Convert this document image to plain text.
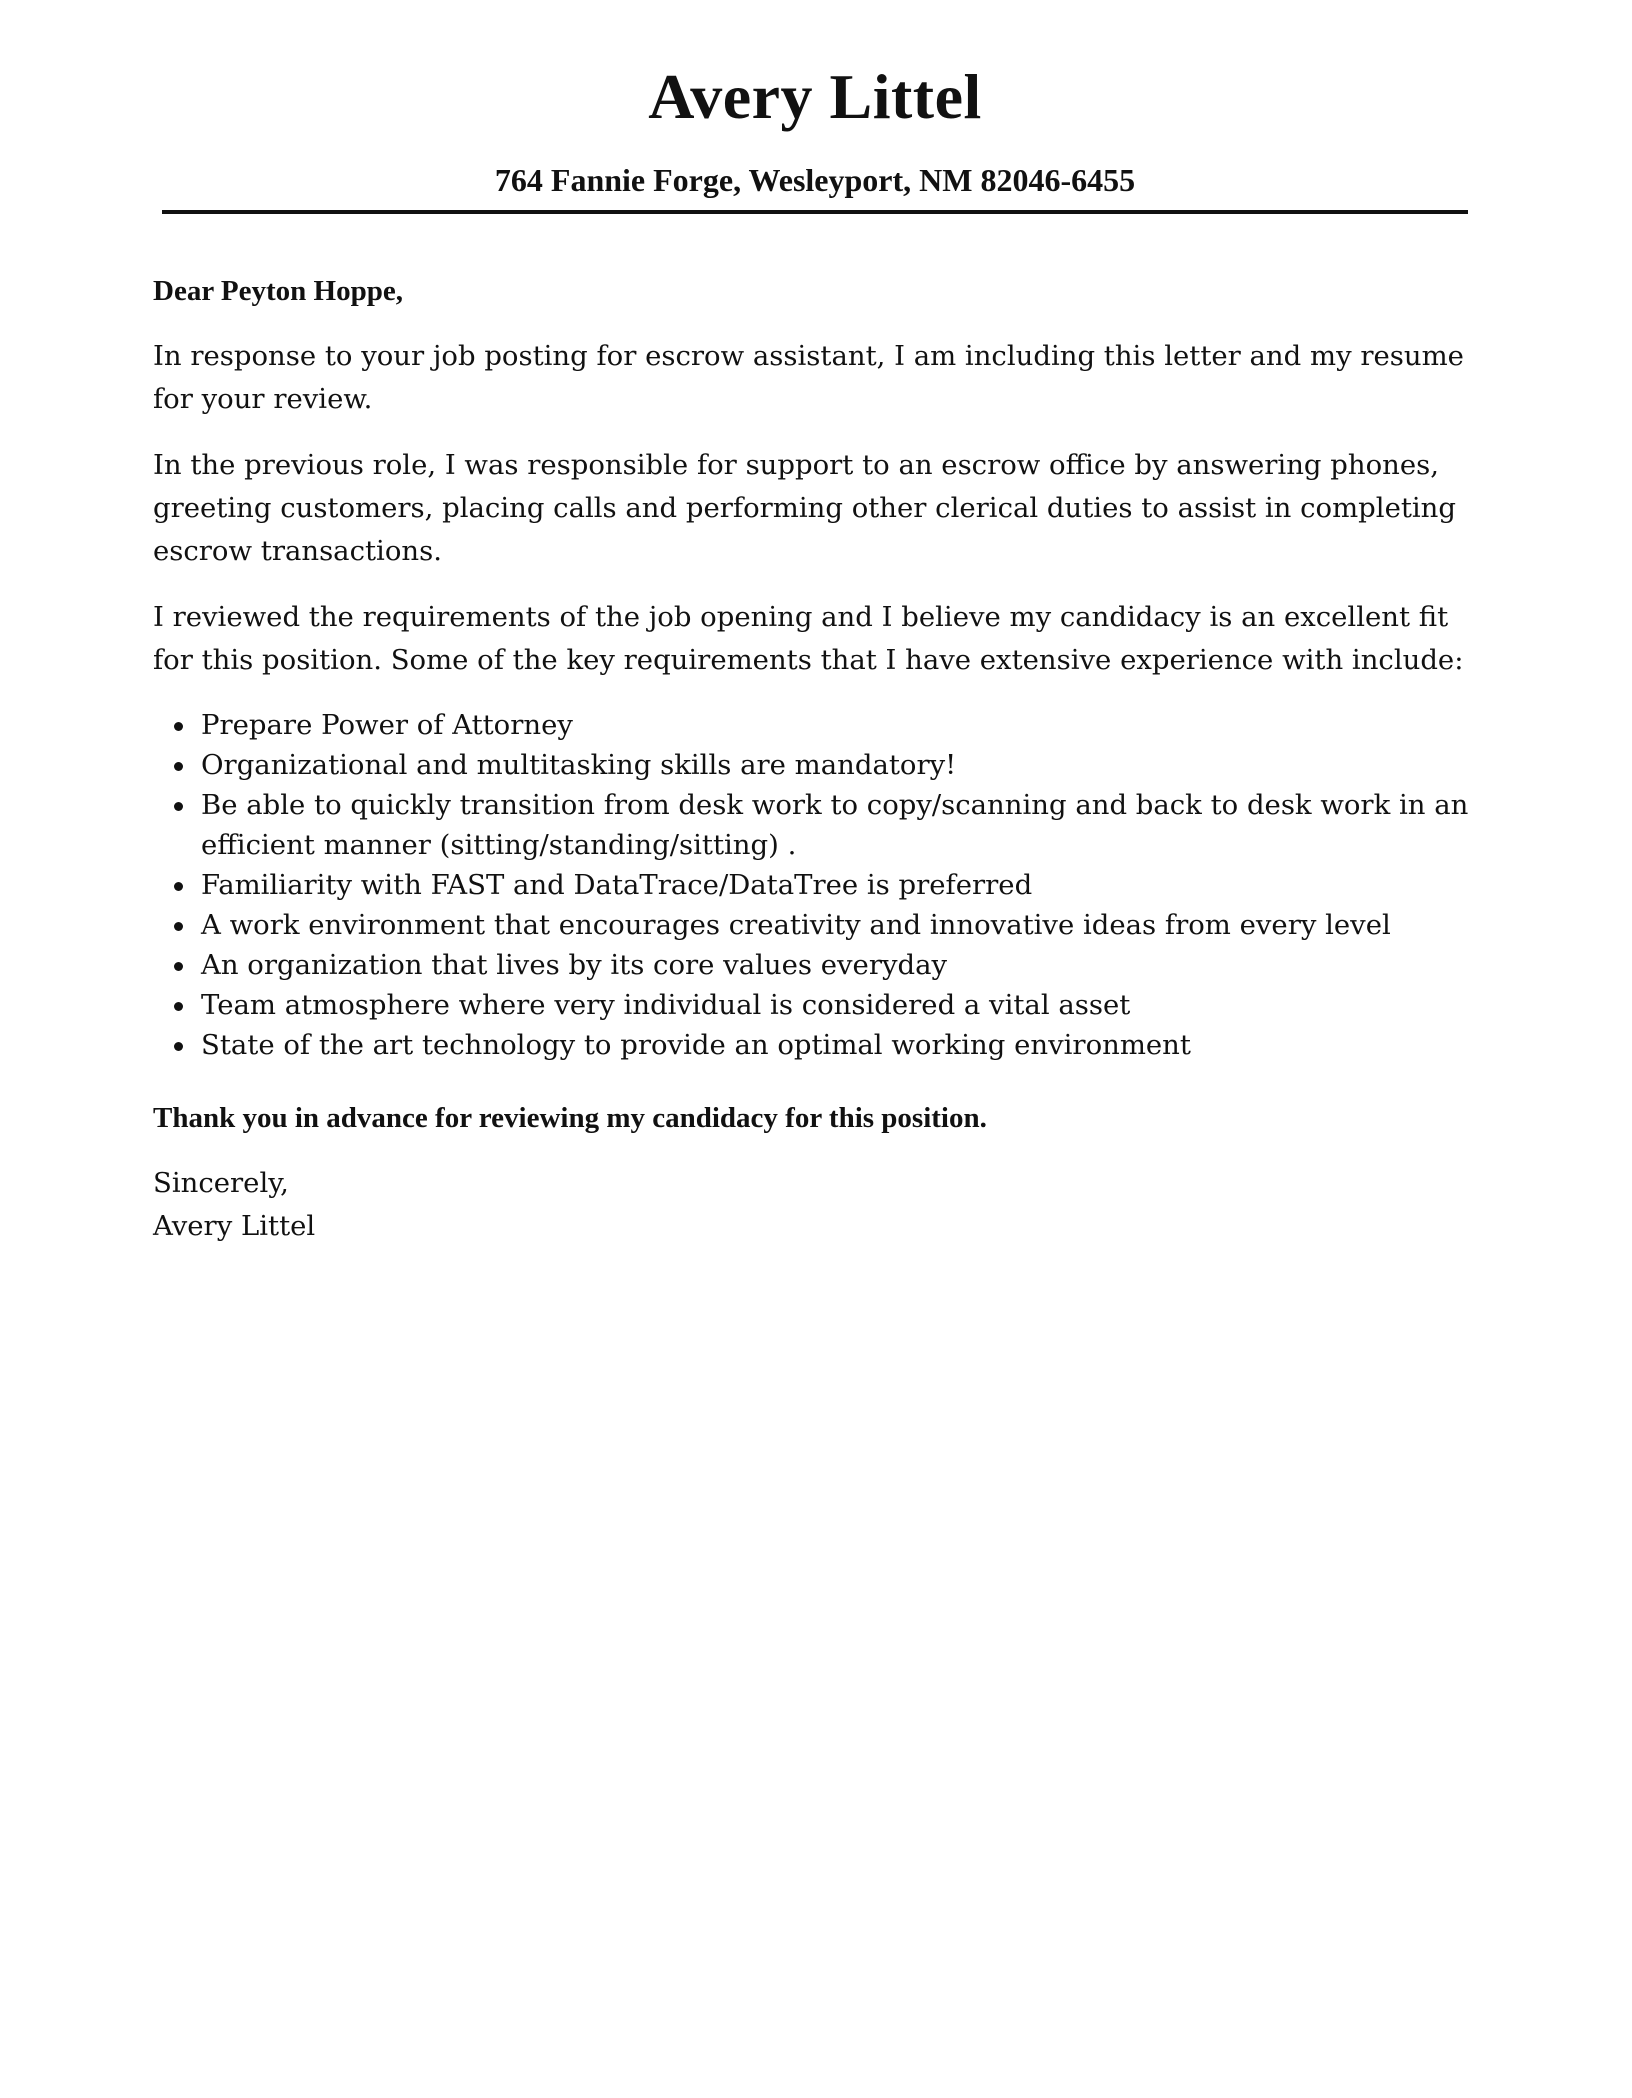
Avery Littel
764 Fannie Forge, Wesleyport, NM 82046-6455

Dear Peyton Hoppe,

In response to your job posting for escrow assistant, I am including this letter and my resume for your review.

In the previous role, I was responsible for support to an escrow office by answering phones, greeting customers, placing calls and performing other clerical duties to assist in completing escrow transactions.

I reviewed the requirements of the job opening and I believe my candidacy is an excellent fit for this position. Some of the key requirements that I have extensive experience with include:

Prepare Power of Attorney
Organizational and multitasking skills are mandatory!
Be able to quickly transition from desk work to copy/scanning and back to desk work in an efficient manner (sitting/standing/sitting) .
Familiarity with FAST and DataTrace/DataTree is preferred
A work environment that encourages creativity and innovative ideas from every level
An organization that lives by its core values everyday
Team atmosphere where very individual is considered a vital asset
State of the art technology to provide an optimal working environment

Thank you in advance for reviewing my candidacy for this position.

Sincerely,
Avery Littel
